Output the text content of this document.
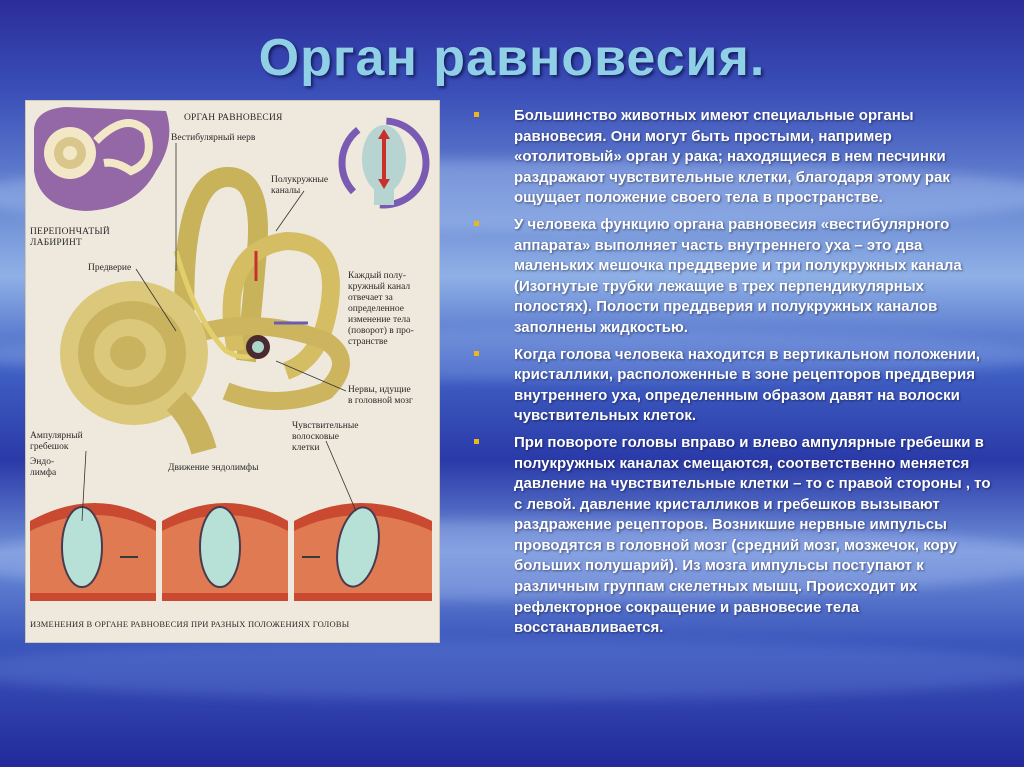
Орган равновесия.
ОРГАН РАВНОВЕСИЯ
Вестибулярный нерв
Полукружные
каналы
ПЕРЕПОНЧАТЫЙ
ЛАБИРИНТ
Предверие
Каждый полу-
кружный канал
отвечает за
определенное
изменение тела
(поворот) в про-
странстве
Нервы, идущие
в головной мозг
Ампулярный
гребешок
Эндо-
лимфа
Чувствительные
волосковые
клетки
Движение эндолимфы
ИЗМЕНЕНИЯ В ОРГАНЕ РАВНОВЕСИЯ ПРИ РАЗНЫХ ПОЛОЖЕНИЯХ ГОЛОВЫ
Большинство животных имеют специальные органы равновесия. Они могут быть простыми, например «отолитовый» орган у рака; находящиеся в нем песчинки раздражают чувствительные клетки, благодаря этому рак ощущает положение своего тела в пространстве.
У человека функцию органа равновесия «вестибулярного аппарата» выполняет часть внутреннего уха – это два маленьких мешочка преддверие и три полукружных канала (Изогнутые трубки лежащие в трех перпендикулярных полостях). Полости преддверия и полукружных каналов заполнены жидкостью.
Когда голова человека находится в вертикальном положении, кристаллики, расположенные в зоне рецепторов преддверия внутреннего уха, определенным образом давят на волоски чувствительных клеток.
При повороте головы вправо и влево ампулярные гребешки в полукружных каналах смещаются, соответственно меняется давление на чувствительные клетки – то с правой стороны , то с левой. давление кристалликов и гребешков вызывают раздражение рецепторов. Возникшие нервные импульсы проводятся в головной мозг (средний мозг, мозжечок, кору больших полушарий). Из мозга импульсы поступают к различным группам скелетных мышц. Происходит их рефлекторное сокращение и равновесие тела восстанавливается.
